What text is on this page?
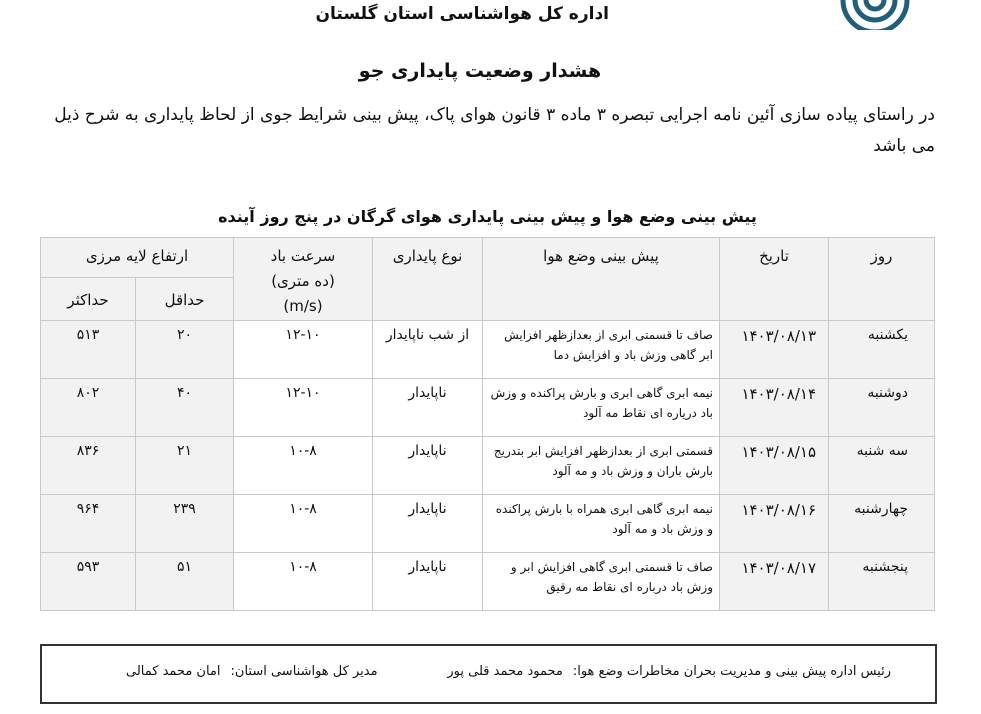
اداره کل هواشناسی استان گلستان
هشدار وضعیت پایداری جو
در راستای پیاده سازی آئین نامه اجرایی تبصره ۳ ماده ۳ قانون هوای پاک، پیش بینی شرایط جوی از لحاظ پایداری به شرح ذیل می باشد
پیش بینی وضع هوا و پیش بینی پایداری هوای گرگان در پنج روز آینده
روز	تاریخ	پیش بینی وضع هوا	نوع پایداری	سرعت باد
(ده متری)
(m/s)	ارتفاع لایه مرزی	
					حداقل	حداکثر
یکشنبه	۱۴۰۳/۰۸/۱۳	صاف تا قسمتی ابری از بعدازظهر افزایش ابر گاهی وزش باد و افزایش دما	از شب ناپایدار	۱۲-۱۰	۲۰	۵۱۳
دوشنبه	۱۴۰۳/۰۸/۱۴	نیمه ابری گاهی ابری و بارش پراکنده و وزش باد دریاره ای نقاط مه آلود	ناپایدار	۱۲-۱۰	۴۰	۸۰۲
سه شنبه	۱۴۰۳/۰۸/۱۵	قسمتی ابری از بعدازظهر افزایش ابر بتدریج بارش باران و وزش باد و مه آلود	ناپایدار	۱۰-۸	۲۱	۸۳۶
چهارشنبه	۱۴۰۳/۰۸/۱۶	نیمه ابری گاهی ابری همراه با بارش پراکنده و وزش باد و مه آلود	ناپایدار	۱۰-۸	۲۳۹	۹۶۴
پنجشنبه	۱۴۰۳/۰۸/۱۷	صاف تا قسمتی ابری گاهی افزایش ابر و وزش باد درباره ای نقاط مه رقیق	ناپایدار	۱۰-۸	۵۱	۵۹۳
رئیس اداره پیش بینی و مدیریت بحران مخاطرات وضع هوا:محمود محمد قلی پور
مدیر کل هواشناسی استان:امان محمد کمالی
